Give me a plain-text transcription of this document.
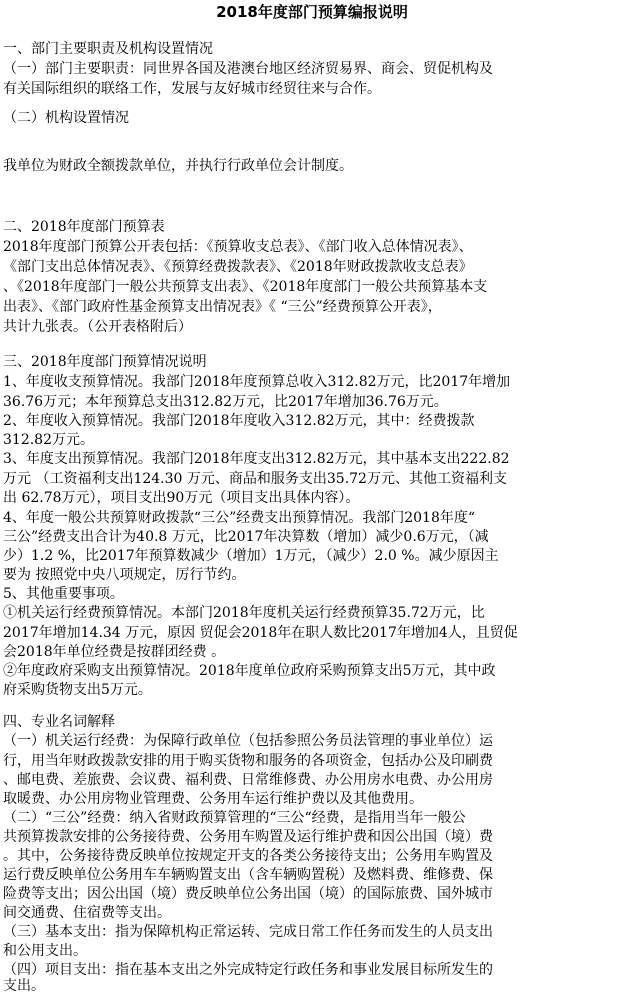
2018年度部门预算编报说明
一、部门主要职责及机构设置情况
（一）部门主要职责：同世界各国及港澳台地区经济贸易界、商会、贸促机构及
有关国际组织的联络工作，发展与友好城市经贸往来与合作。
（二）机构设置情况
我单位为财政全额拨款单位，并执行行政单位会计制度。
二、2018年度部门预算表
2018年度部门预算公开表包括：《预算收支总表》、《部门收入总体情况表》、
《部门支出总体情况表》、《预算经费拨款表》、《2018年财政拨款收支总表》
、《2018年度部门一般公共预算支出表》、《2018年度部门一般公共预算基本支
出表》、《部门政府性基金预算支出情况表》《 “三公”经费预算公开表》，
共计九张表。（公开表格附后）
三、2018年度部门预算情况说明
1、年度收支预算情况。我部门2018年度预算总收入312.82万元，比2017年增加
36.76万元；本年预算总支出312.82万元，比2017年增加36.76万元。
2、年度收入预算情况。我部门2018年度收入312.82万元，其中：经费拨款
312.82万元。
3、年度支出预算情况。我部门2018年度支出312.82万元，其中基本支出222.82
万元 （工资福利支出124.30 万元、商品和服务支出35.72万元、其他工资福利支
出 62.78万元），项目支出90万元（项目支出具体内容）。
4、年度一般公共预算财政拨款“三公”经费支出预算情况。我部门2018年度“
三公”经费支出合计为40.8 万元，比2017年决算数（增加）减少0.6万元，（减
少）1.2 %，比2017年预算数减少（增加）1万元，（减少）2.0 %。减少原因主
要为 按照党中央八项规定，厉行节约。
5、其他重要事项。
①机关运行经费预算情况。本部门2018年度机关运行经费预算35.72万元，比
2017年增加14.34 万元，原因 贸促会2018年在职人数比2017年增加4人，且贸促
会2018年单位经费是按群团经费 。
②年度政府采购支出预算情况。2018年度单位政府采购预算支出5万元，其中政
府采购货物支出5万元。
四、专业名词解释
（一）机关运行经费：为保障行政单位（包括参照公务员法管理的事业单位）运
行，用当年财政拨款安排的用于购买货物和服务的各项资金，包括办公及印刷费
、邮电费、差旅费、会议费、福利费、日常维修费、办公用房水电费、办公用房
取暖费、办公用房物业管理费、公务用车运行维护费以及其他费用。
（二）“三公”经费：纳入省财政预算管理的“三公“经费，是指用当年一般公
共预算拨款安排的公务接待费、公务用车购置及运行维护费和因公出国（境）费
。其中，公务接待费反映单位按规定开支的各类公务接待支出；公务用车购置及
运行费反映单位公务用车车辆购置支出（含车辆购置税）及燃料费、维修费、保
险费等支出；因公出国（境）费反映单位公务出国（境）的国际旅费、国外城市
间交通费、住宿费等支出。
（三）基本支出：指为保障机构正常运转、完成日常工作任务而发生的人员支出
和公用支出。
（四）项目支出：指在基本支出之外完成特定行政任务和事业发展目标所发生的
支出。
